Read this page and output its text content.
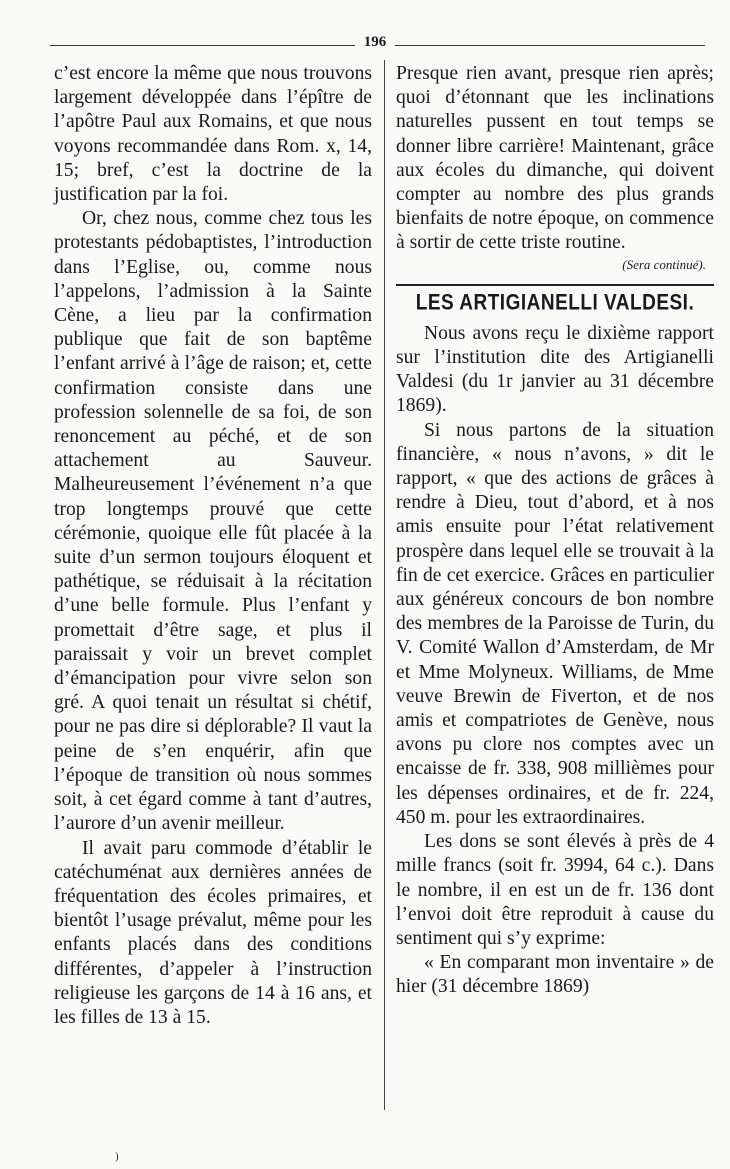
196

c’est encore la même que nous trouvons largement développée dans l’épître de l’apôtre Paul aux Romains, et que nous voyons recommandée dans Rom. x, 14, 15; bref, c’est la doctrine de la justification par la foi.

Or, chez nous, comme chez tous les protestants pédobaptistes, l’introduction dans l’Eglise, ou, comme nous l’appelons, l’admission à la Sainte Cène, a lieu par la confirmation publique que fait de son baptême l’enfant arrivé à l’âge de raison; et, cette confirmation consiste dans une profession solennelle de sa foi, de son renoncement au péché, et de son attachement au Sauveur. Malheureusement l’événement n’a que trop longtemps prouvé que cette cérémonie, quoique elle fût placée à la suite d’un sermon toujours éloquent et pathétique, se réduisait à la récitation d’une belle formule. Plus l’enfant y promettait d’être sage, et plus il paraissait y voir un brevet complet d’émancipation pour vivre selon son gré. A quoi tenait un résultat si chétif, pour ne pas dire si déplorable? Il vaut la peine de s’en enquérir, afin que l’époque de transition où nous sommes soit, à cet égard comme à tant d’autres, l’aurore d’un avenir meilleur.

Il avait paru commode d’établir le catéchuménat aux dernières années de fréquentation des écoles primaires, et bientôt l’usage prévalut, même pour les enfants placés dans des conditions différentes, d’appeler à l’instruction religieuse les garçons de 14 à 16 ans, et les filles de 13 à 15.

Presque rien avant, presque rien après; quoi d’étonnant que les inclinations naturelles pussent en tout temps se donner libre carrière! Maintenant, grâce aux écoles du dimanche, qui doivent compter au nombre des plus grands bienfaits de notre époque, on commence à sortir de cette triste routine.

(Sera continué).

LES ARTIGIANELLI VALDESI.

Nous avons reçu le dixième rapport sur l’institution dite des Artigianelli Valdesi (du 1r janvier au 31 décembre 1869).

Si nous partons de la situation financière, « nous n’avons, » dit le rapport, « que des actions de grâces à rendre à Dieu, tout d’abord, et à nos amis ensuite pour l’état relativement prospère dans lequel elle se trouvait à la fin de cet exercice. Grâces en particulier aux généreux concours de bon nombre des membres de la Paroisse de Turin, du V. Comité Wallon d’Amsterdam, de Mr et Mme Molyneux. Williams, de Mme veuve Brewin de Fiverton, et de nos amis et compatriotes de Genève, nous avons pu clore nos comptes avec un encaisse de fr. 338, 908 millièmes pour les dépenses ordinaires, et de fr. 224, 450 m. pour les extraordinaires.

Les dons se sont élevés à près de 4 mille francs (soit fr. 3994, 64 c.). Dans le nombre, il en est un de fr. 136 dont l’envoi doit être reproduit à cause du sentiment qui s’y exprime:

« En comparant mon inventaire » de hier (31 décembre 1869)

)
